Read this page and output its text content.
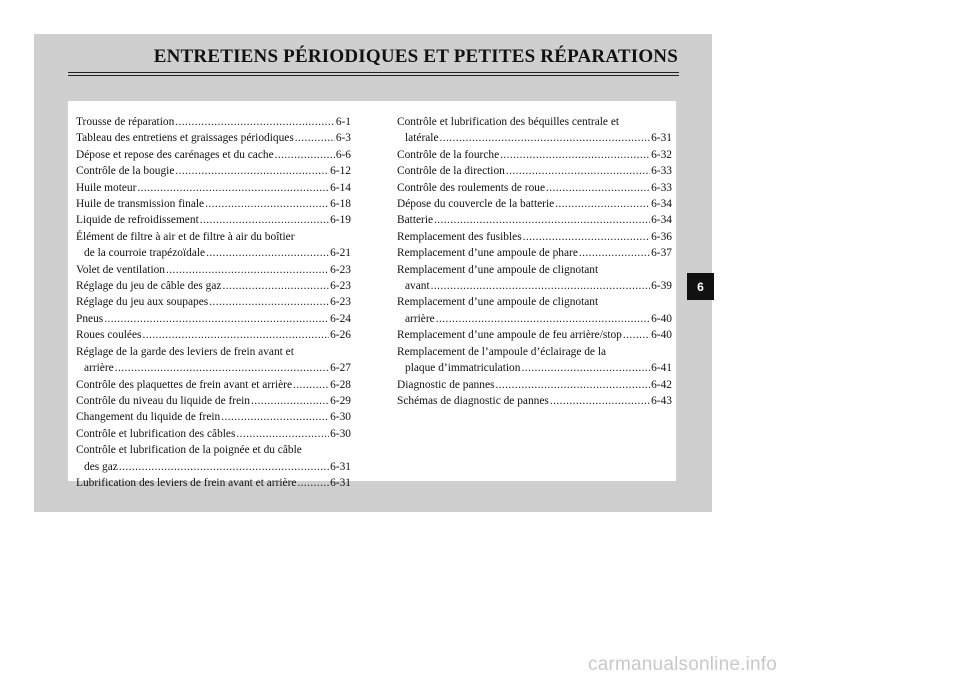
ENTRETIENS PÉRIODIQUES ET PETITES RÉPARATIONS
Trousse de réparation .....	6-1
Tableau des entretiens et graissages périodiques .....	6-3
Dépose et repose des carénages et du cache .....	6-6
Contrôle de la bougie .....	6-12
Huile moteur .....	6-14
Huile de transmission finale .....	6-18
Liquide de refroidissement .....	6-19
Élément de filtre à air et de filtre à air du boîtier
de la courroie trapézoïdale .....	6-21
Volet de ventilation .....	6-23
Réglage du jeu de câble des gaz .....	6-23
Réglage du jeu aux soupapes .....	6-23
Pneus .....	6-24
Roues coulées .....	6-26
Réglage de la garde des leviers de frein avant et
arrière .....	6-27
Contrôle des plaquettes de frein avant et arrière .....	6-28
Contrôle du niveau du liquide de frein .....	6-29
Changement du liquide de frein .....	6-30
Contrôle et lubrification des câbles .....	6-30
Contrôle et lubrification de la poignée et du câble
des gaz .....	6-31
Lubrification des leviers de frein avant et arrière .....	6-31
Contrôle et lubrification des béquilles centrale et
latérale .....	6-31
Contrôle de la fourche .....	6-32
Contrôle de la direction .....	6-33
Contrôle des roulements de roue .....	6-33
Dépose du couvercle de la batterie .....	6-34
Batterie .....	6-34
Remplacement des fusibles .....	6-36
Remplacement d’une ampoule de phare .....	6-37
Remplacement d’une ampoule de clignotant
avant .....	6-39
Remplacement d’une ampoule de clignotant
arrière .....	6-40
Remplacement d’une ampoule de feu arrière/stop .....	6-40
Remplacement de l’ampoule d’éclairage de la
plaque d’immatriculation .....	6-41
Diagnostic de pannes .....	6-42
Schémas de diagnostic de pannes .....	6-43
6
carmanualsonline.info
